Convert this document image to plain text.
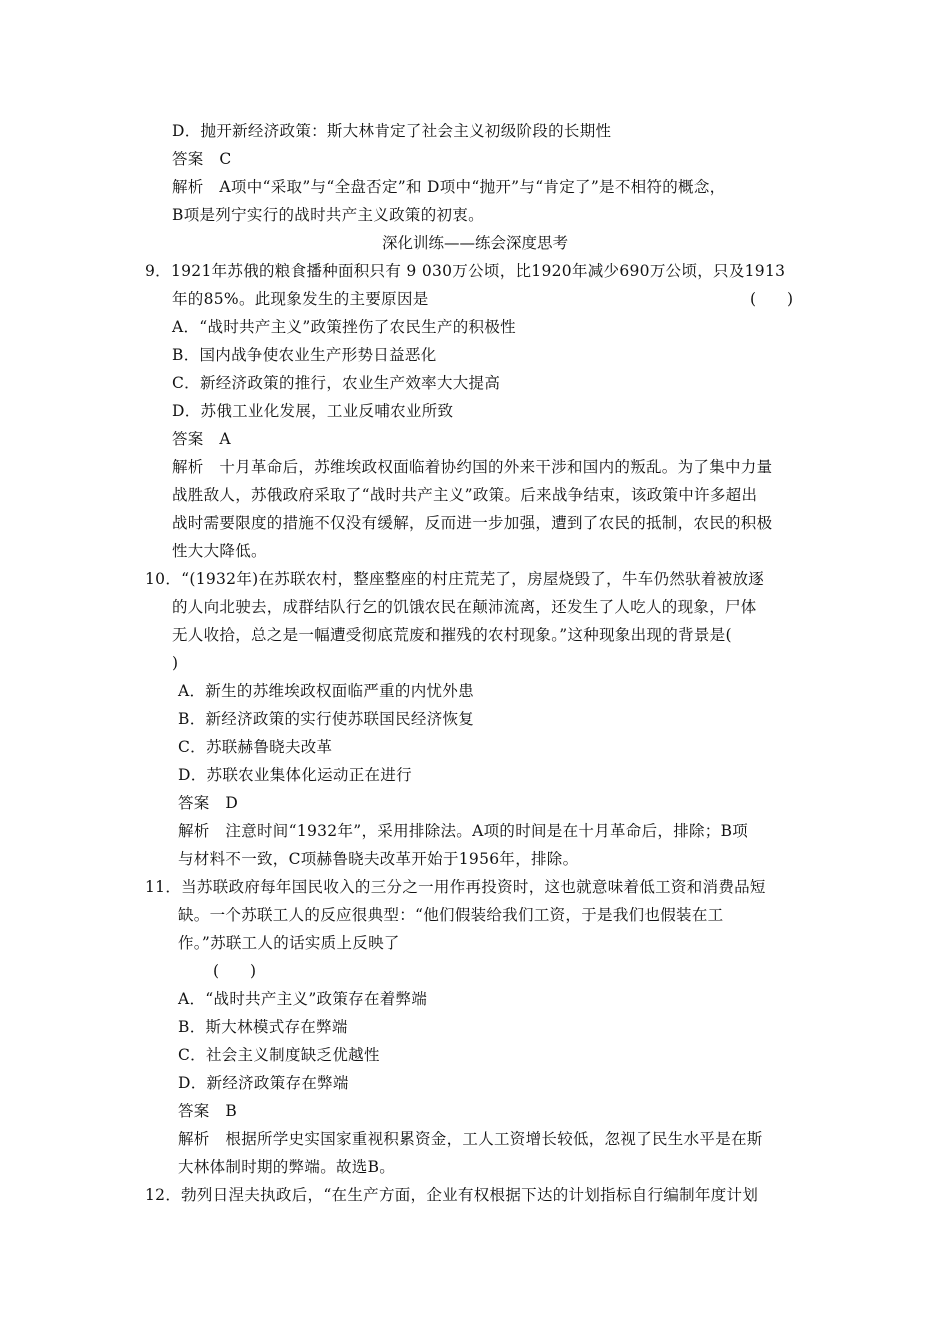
D．抛开新经济政策：斯大林肯定了社会主义初级阶段的长期性
答案　C
解析　A项中“采取”与“全盘否定”和 D项中“抛开”与“肯定了”是不相符的概念，
B项是列宁实行的战时共产主义政策的初衷。
深化训练——练会深度思考
9．1921年苏俄的粮食播种面积只有 9 030万公顷，比1920年减少690万公顷，只及1913
年的85%。此现象发生的主要原因是	(　　)
A．“战时共产主义”政策挫伤了农民生产的积极性
B．国内战争使农业生产形势日益恶化
C．新经济政策的推行，农业生产效率大大提高
D．苏俄工业化发展，工业反哺农业所致
答案　A
解析　十月革命后，苏维埃政权面临着协约国的外来干涉和国内的叛乱。为了集中力量
战胜敌人，苏俄政府采取了“战时共产主义”政策。后来战争结束，该政策中许多超出
战时需要限度的措施不仅没有缓解，反而进一步加强，遭到了农民的抵制，农民的积极
性大大降低。
10．“(1932年)在苏联农村，整座整座的村庄荒芜了，房屋烧毁了，牛车仍然驮着被放逐
的人向北驶去，成群结队行乞的饥饿农民在颠沛流离，还发生了人吃人的现象，尸体
无人收拾，总之是一幅遭受彻底荒废和摧残的农村现象。”这种现象出现的背景是(
)
A．新生的苏维埃政权面临严重的内忧外患
B．新经济政策的实行使苏联国民经济恢复
C．苏联赫鲁晓夫改革
D．苏联农业集体化运动正在进行
答案　D
解析　注意时间“1932年”，采用排除法。A项的时间是在十月革命后，排除；B项
与材料不一致，C项赫鲁晓夫改革开始于1956年，排除。
11．当苏联政府每年国民收入的三分之一用作再投资时，这也就意味着低工资和消费品短
缺。一个苏联工人的反应很典型：“他们假装给我们工资，于是我们也假装在工
作。”苏联工人的话实质上反映了
(　　)
A．“战时共产主义”政策存在着弊端
B．斯大林模式存在弊端
C．社会主义制度缺乏优越性
D．新经济政策存在弊端
答案　B
解析　根据所学史实国家重视积累资金，工人工资增长较低，忽视了民生水平是在斯
大林体制时期的弊端。故选B。
12．勃列日涅夫执政后，“在生产方面，企业有权根据下达的计划指标自行编制年度计划
